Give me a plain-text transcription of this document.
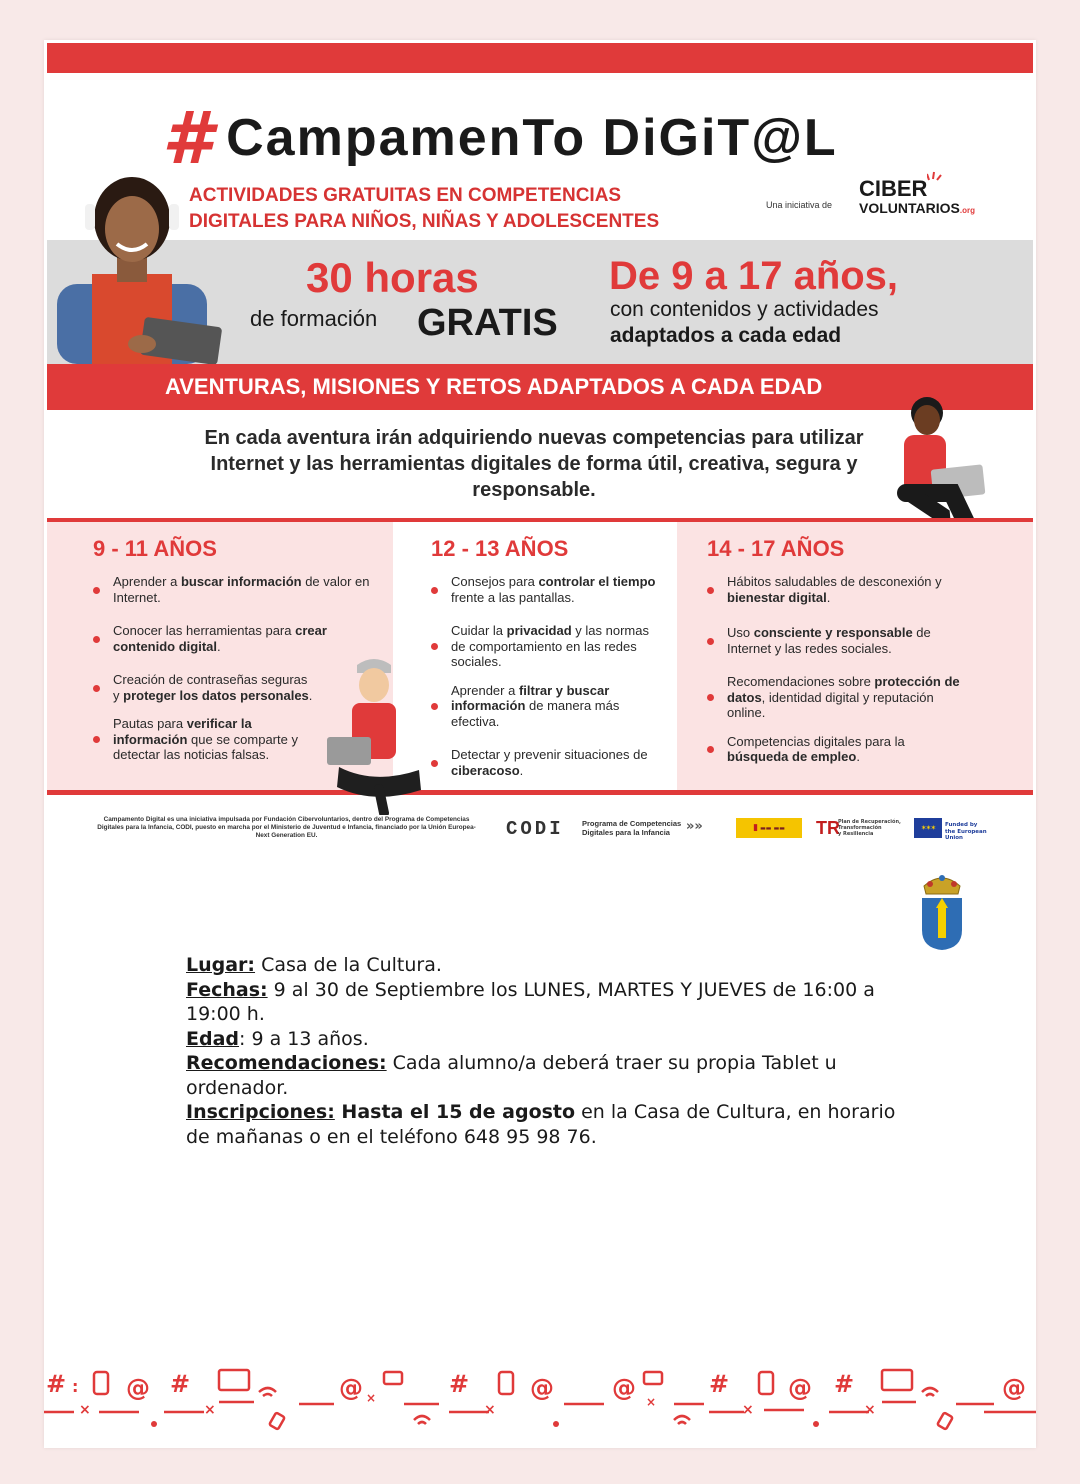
# CampamenTo DiGiT@L
ACTIVIDADES GRATUITAS EN COMPETENCIAS
DIGITALES PARA NIÑOS, NIÑAS Y ADOLESCENTES
Una iniciativa de
CIBER
VOLUNTARIOS.org
30 horas
de formación GRATIS
De 9 a 17 años,
con contenidos y actividades
adaptados a cada edad
AVENTURAS, MISIONES Y RETOS ADAPTADOS A CADA EDAD
En cada aventura irán adquiriendo nuevas competencias para utilizar Internet y las herramientas digitales de forma útil, creativa, segura y responsable.
9 - 11 AÑOS
Aprender a buscar información de valor en Internet.
Conocer las herramientas para crear contenido digital.
Creación de contraseñas seguras y proteger los datos personales.
Pautas para verificar la información que se comparte y detectar las noticias falsas.
12 - 13 AÑOS
Consejos para controlar el tiempo frente a las pantallas.
Cuidar la privacidad y las normas de comportamiento en las redes sociales.
Aprender a filtrar y buscar información de manera más efectiva.
Detectar y prevenir situaciones de ciberacoso.
14 - 17 AÑOS
Hábitos saludables de desconexión y bienestar digital.
Uso consciente y responsable de Internet y las redes sociales.
Recomendaciones sobre protección de datos, identidad digital y reputación online.
Competencias digitales para la búsqueda de empleo.
Campamento Digital es una iniciativa impulsada por Fundación Cibervoluntarios, dentro del Programa de Competencias Digitales para la Infancia, CODI, puesto en marcha por el Ministerio de Juventud e Infancia, financiado por la Unión Europea-Next Generation EU.	CODI Programa de Competencias
Digitales para la Infancia	»»	▮ ▬▬ ▬▬	TR
Plan de Recuperación,
Transformación
y Resiliencia
✶✶✶	Funded by
the European Union
Lugar: Casa de la Cultura.
Fechas: 9 al 30 de Septiembre los LUNES, MARTES Y JUEVES de 16:00 a 19:00 h.
Edad: 9 a 13 años.
Recomendaciones: Cada alumno/a deberá traer su propia Tablet u ordenador.
Inscripciones: Hasta el 15 de agosto en la Casa de Cultura, en horario de mañanas o en el teléfono 648 95 98 76.
# : @ #	@	#	@ @	# @ #	@
×	×
×
×	×	×	×
